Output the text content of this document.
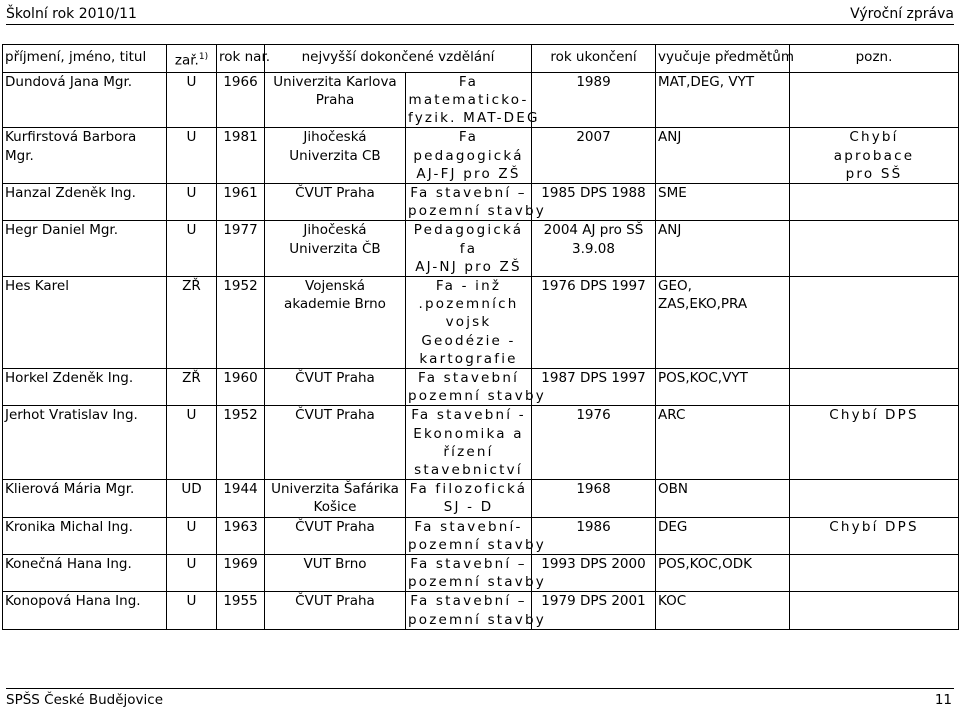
Školní rok 2010/11	Výroční zpráva
příjmení, jméno, titul	zař.$^{1)}$	rok nar.	nejvyšší dokončené vzdělání		rok ukončení	vyučuje předmětům	pozn.

Dundová Jana Mgr.	U	1966	Univerzita Karlova
Praha	Fa
matematicko-
fyzik. MAT-DEG	1989	MAT,DEG, VYT	

Kurfirstová Barbora
Mgr.	U	1981	Jihočeská
Univerzita CB	Fa
pedagogická
AJ-FJ pro ZŠ	2007	ANJ	Chybí
aprobace
pro SŠ

Hanzal Zdeněk Ing.	U	1961	ČVUT Praha	Fa stavební –
pozemní stavby	1985 DPS 1988	SME	

Hegr Daniel Mgr.	U	1977	Jihočeská
Univerzita ČB	Pedagogická
fa
AJ-NJ pro ZŠ	2004 AJ pro SŠ
3.9.08	ANJ	

Hes Karel	ZŘ	1952	Vojenská
akademie Brno	Fa - inž
.pozemních
vojsk
Geodézie -
kartografie	1976 DPS 1997	GEO,
ZAS,EKO,PRA	

Horkel Zdeněk Ing.	ZŘ	1960	ČVUT Praha	Fa stavební
pozemní stavby	1987 DPS 1997	POS,KOC,VYT	

Jerhot Vratislav Ing.	U	1952	ČVUT Praha	Fa stavební -
Ekonomika a
řízení
stavebnictví	1976	ARC	Chybí DPS

Klierová Mária Mgr.	UD	1944	Univerzita Šafárika
Košice	Fa filozofická
SJ - D	1968	OBN	

Kronika Michal Ing.	U	1963	ČVUT Praha	Fa stavební-
pozemní stavby	1986	DEG	Chybí DPS

Konečná Hana Ing.	U	1969	VUT Brno	Fa stavební –
pozemní stavby	1993 DPS 2000	POS,KOC,ODK	

Konopová Hana Ing.	U	1955	ČVUT Praha	Fa stavební –
pozemní stavby	1979 DPS 2001	KOC	

SPŠS České Budějovice	11
